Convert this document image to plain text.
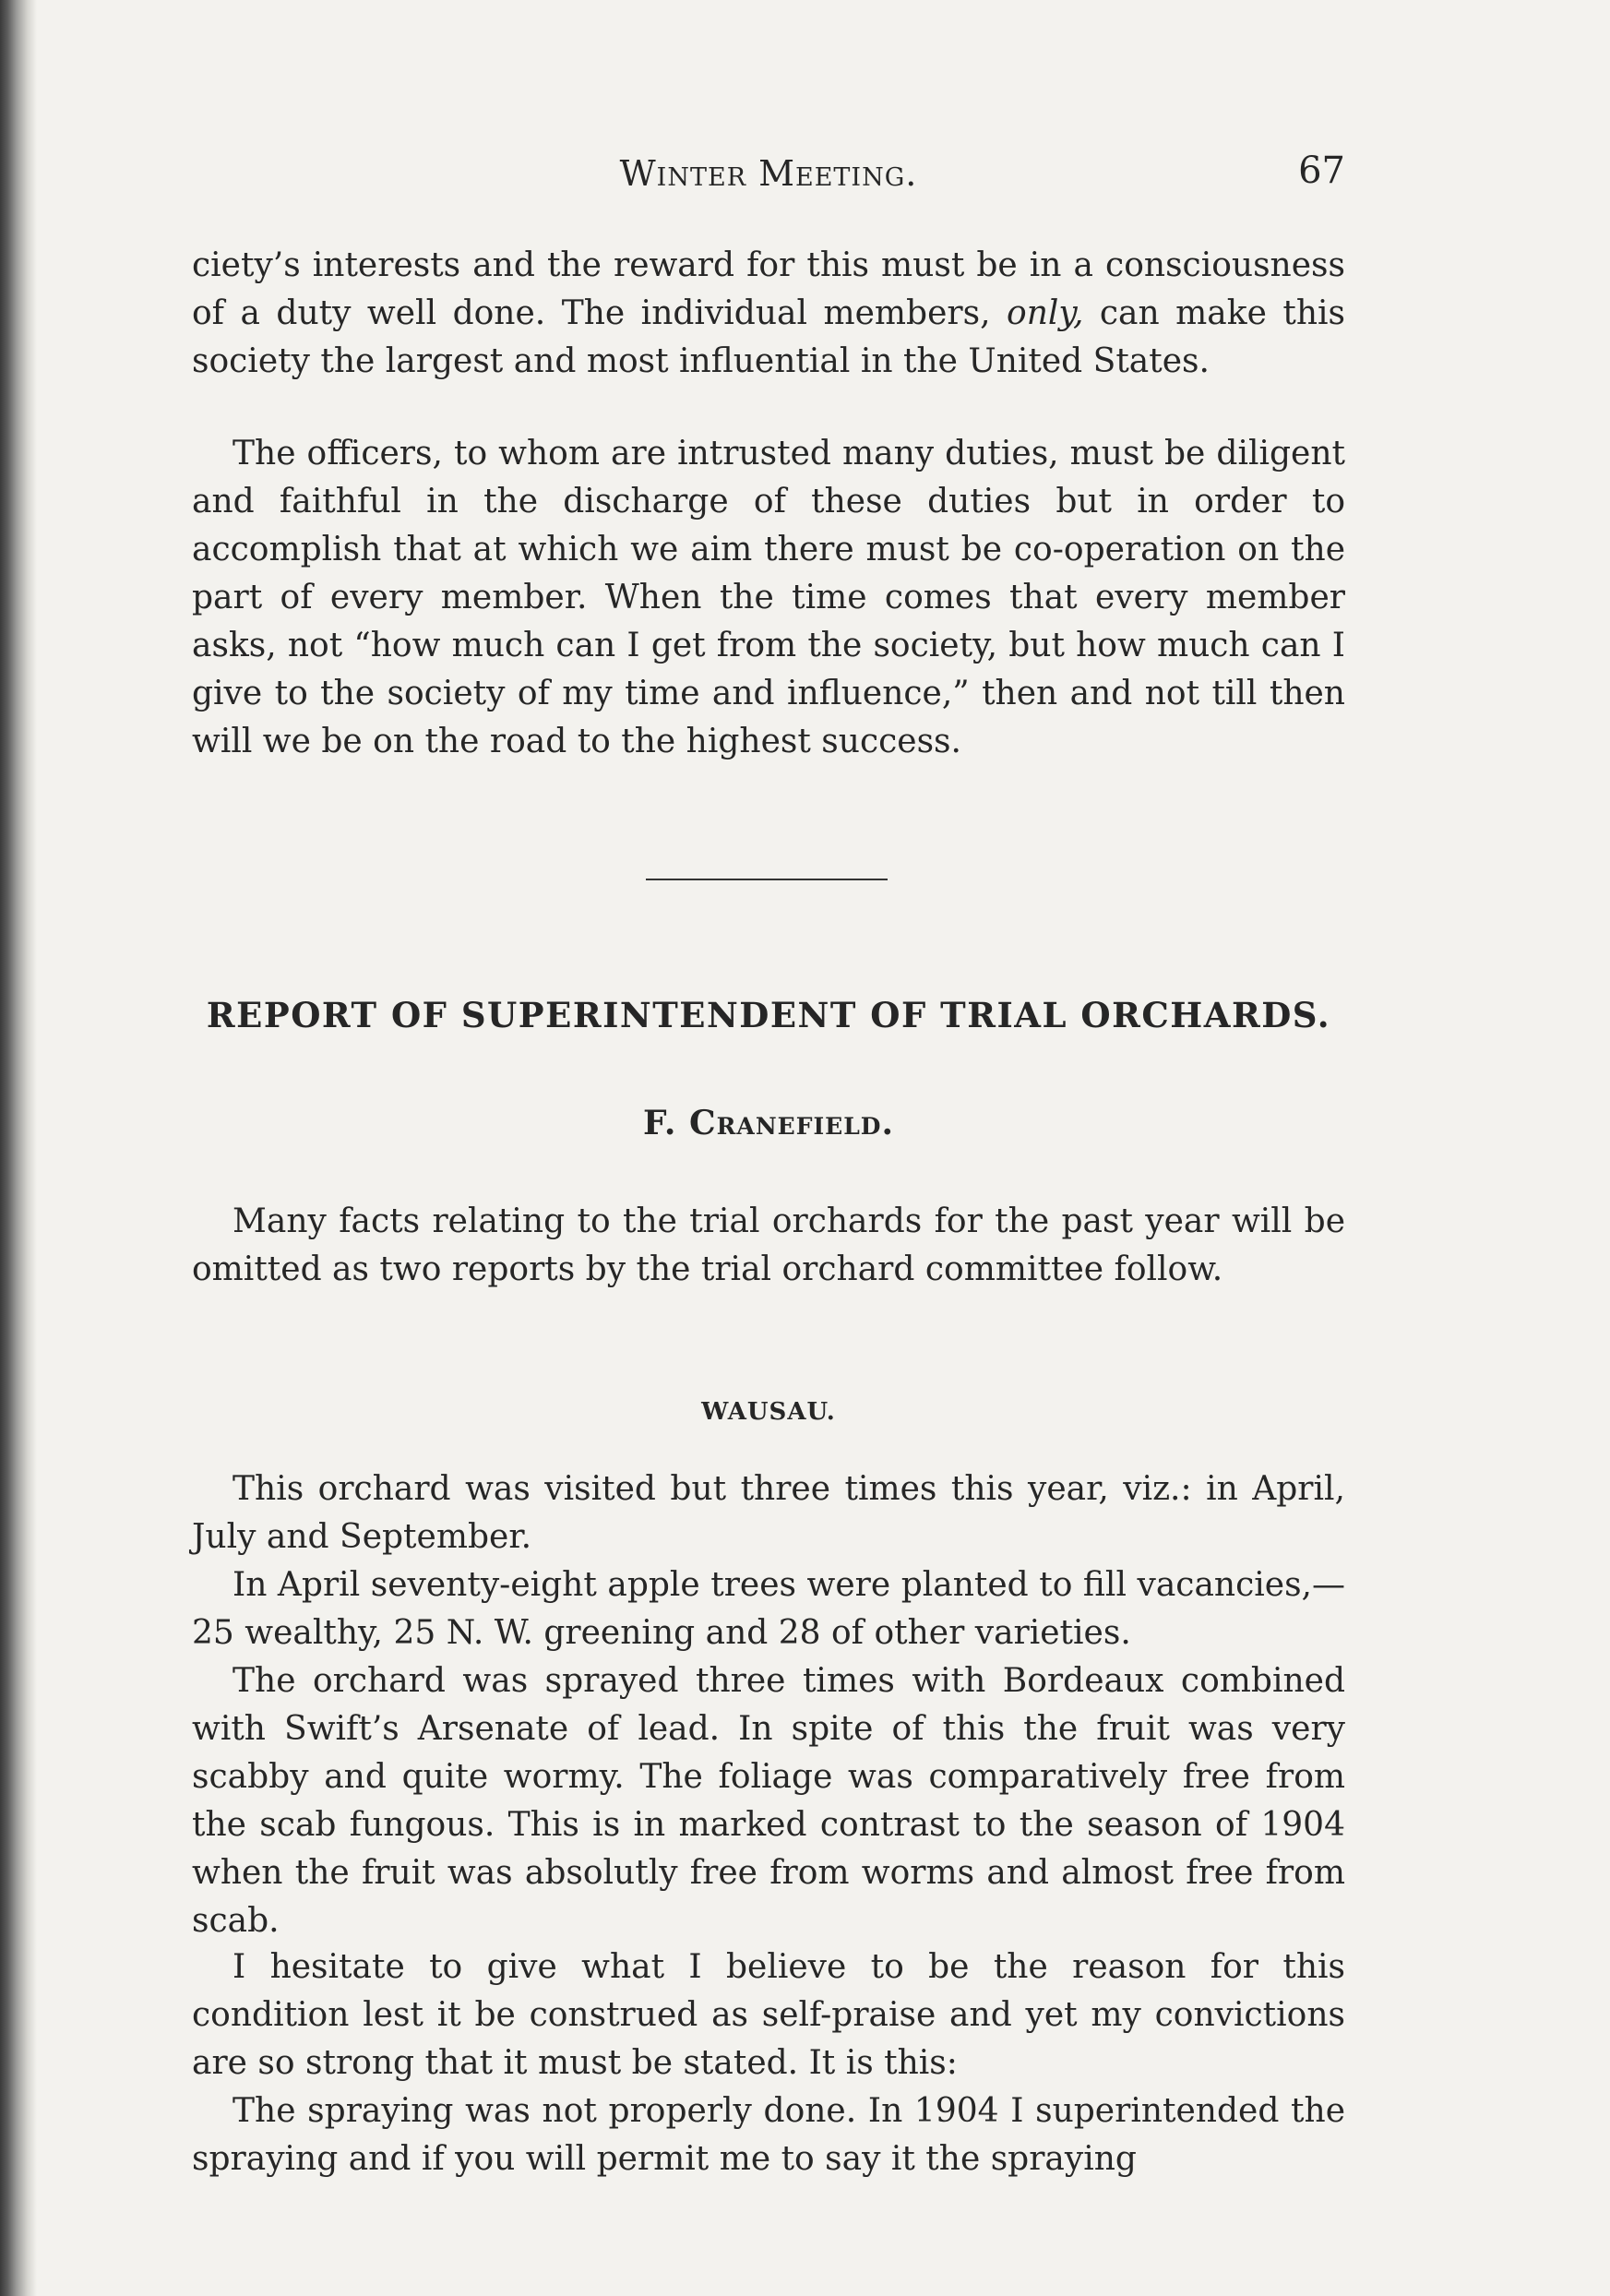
Winter Meeting.	67

ciety’s interests and the reward for this must be in a consciousness of a duty well done. The individual members, only, can make this society the largest and most influential in the United States.

The officers, to whom are intrusted many duties, must be diligent and faithful in the discharge of these duties but in order to accomplish that at which we aim there must be co-operation on the part of every member. When the time comes that every member asks, not “how much can I get from the society, but how much can I give to the society of my time and influence,” then and not till then will we be on the road to the highest success.

REPORT OF SUPERINTENDENT OF TRIAL ORCHARDS.
F. Cranefield.

Many facts relating to the trial orchards for the past year will be omitted as two reports by the trial orchard committee follow.

WAUSAU.

This orchard was visited but three times this year, viz.: in April, July and September.

In April seventy-eight apple trees were planted to fill vacancies,—25 wealthy, 25 N. W. greening and 28 of other varieties.

The orchard was sprayed three times with Bordeaux combined with Swift’s Arsenate of lead. In spite of this the fruit was very scabby and quite wormy. The foliage was comparatively free from the scab fungous. This is in marked contrast to the season of 1904 when the fruit was absolutly free from worms and almost free from scab.

I hesitate to give what I believe to be the reason for this condition lest it be construed as self-praise and yet my convictions are so strong that it must be stated. It is this:

The spraying was not properly done. In 1904 I superintended the spraying and if you will permit me to say it the spraying
